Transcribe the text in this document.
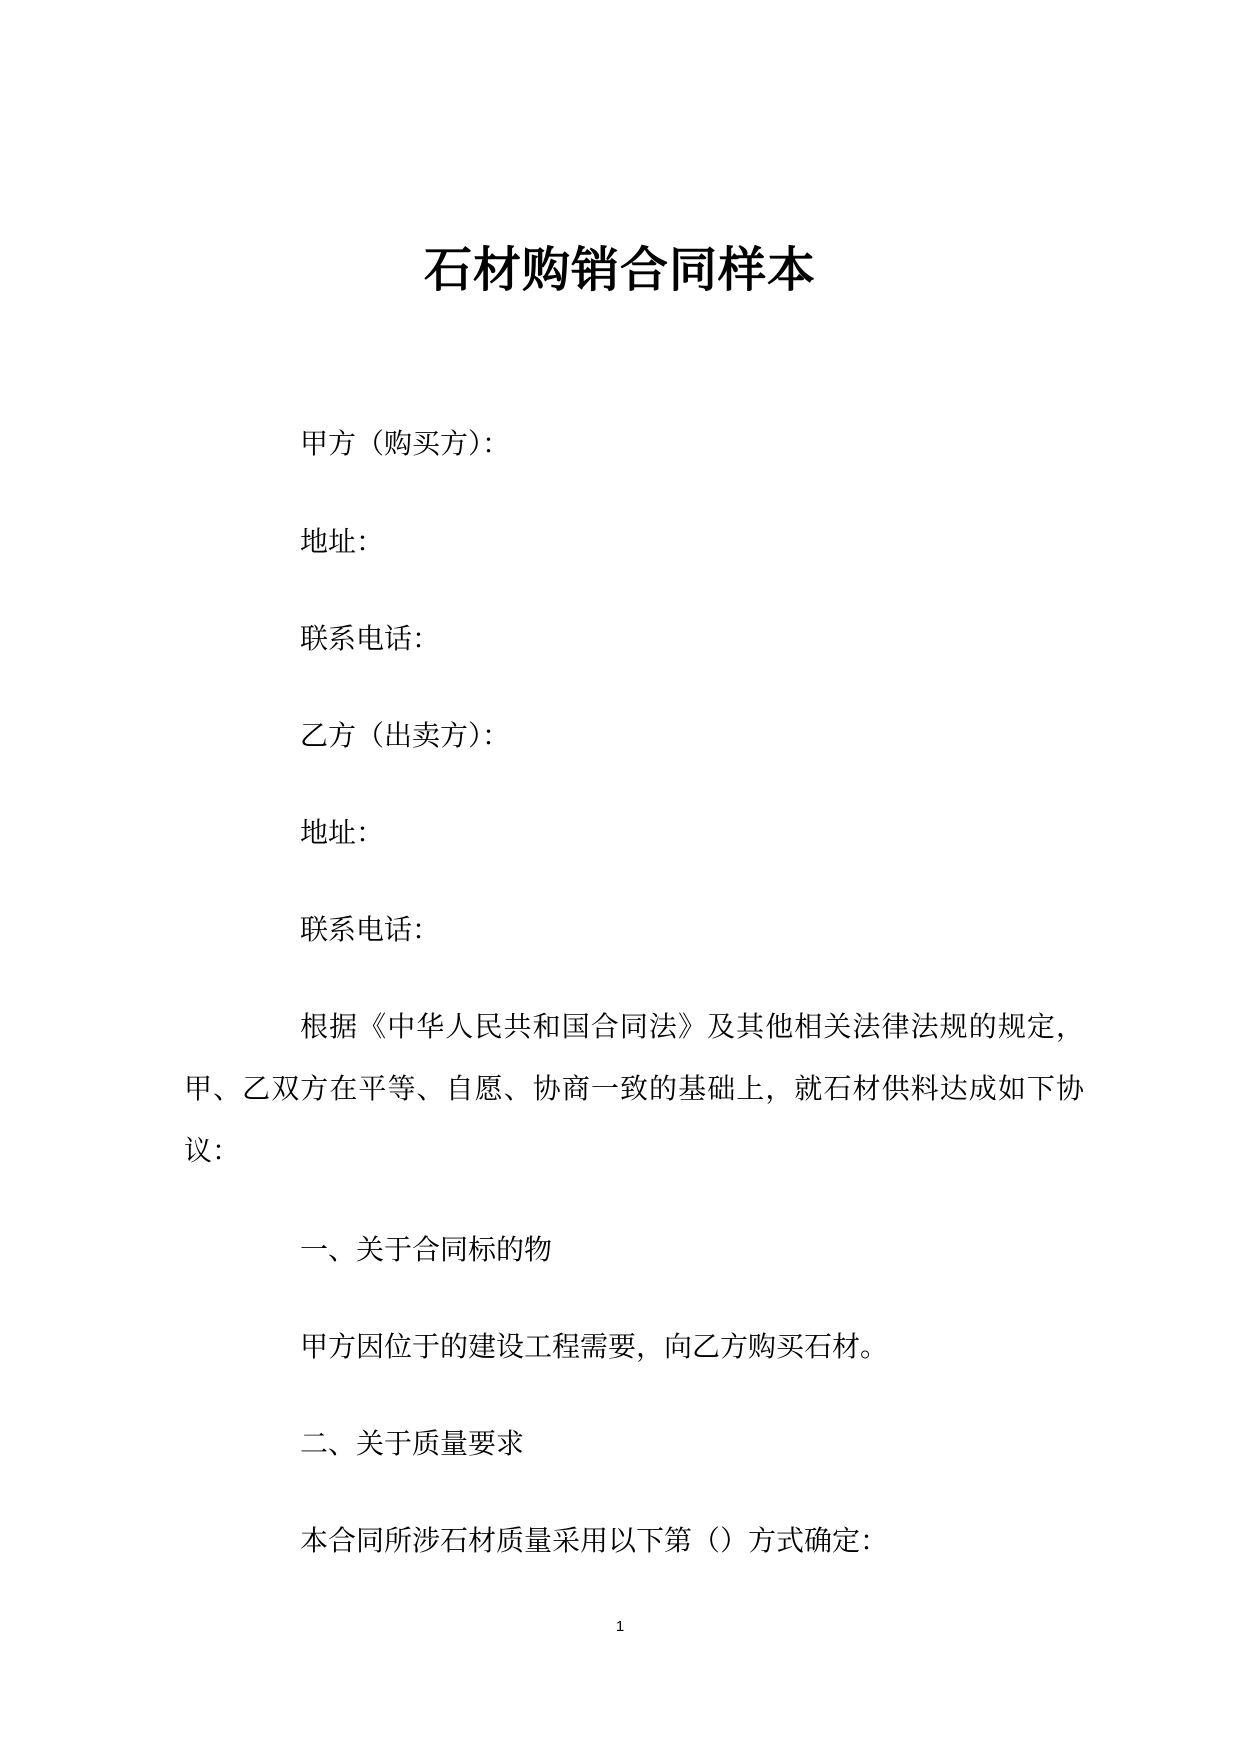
石材购销合同样本
甲方（购买方）：
地址：
联系电话：
乙方（出卖方）：
地址：
联系电话：
根据《中华人民共和国合同法》及其他相关法律法规的规定，甲、乙双方在平等、自愿、协商一致的基础上，就石材供料达成如下协议：
一、关于合同标的物
甲方因位于的建设工程需要，向乙方购买石材。
二、关于质量要求
本合同所涉石材质量采用以下第（）方式确定：
1
